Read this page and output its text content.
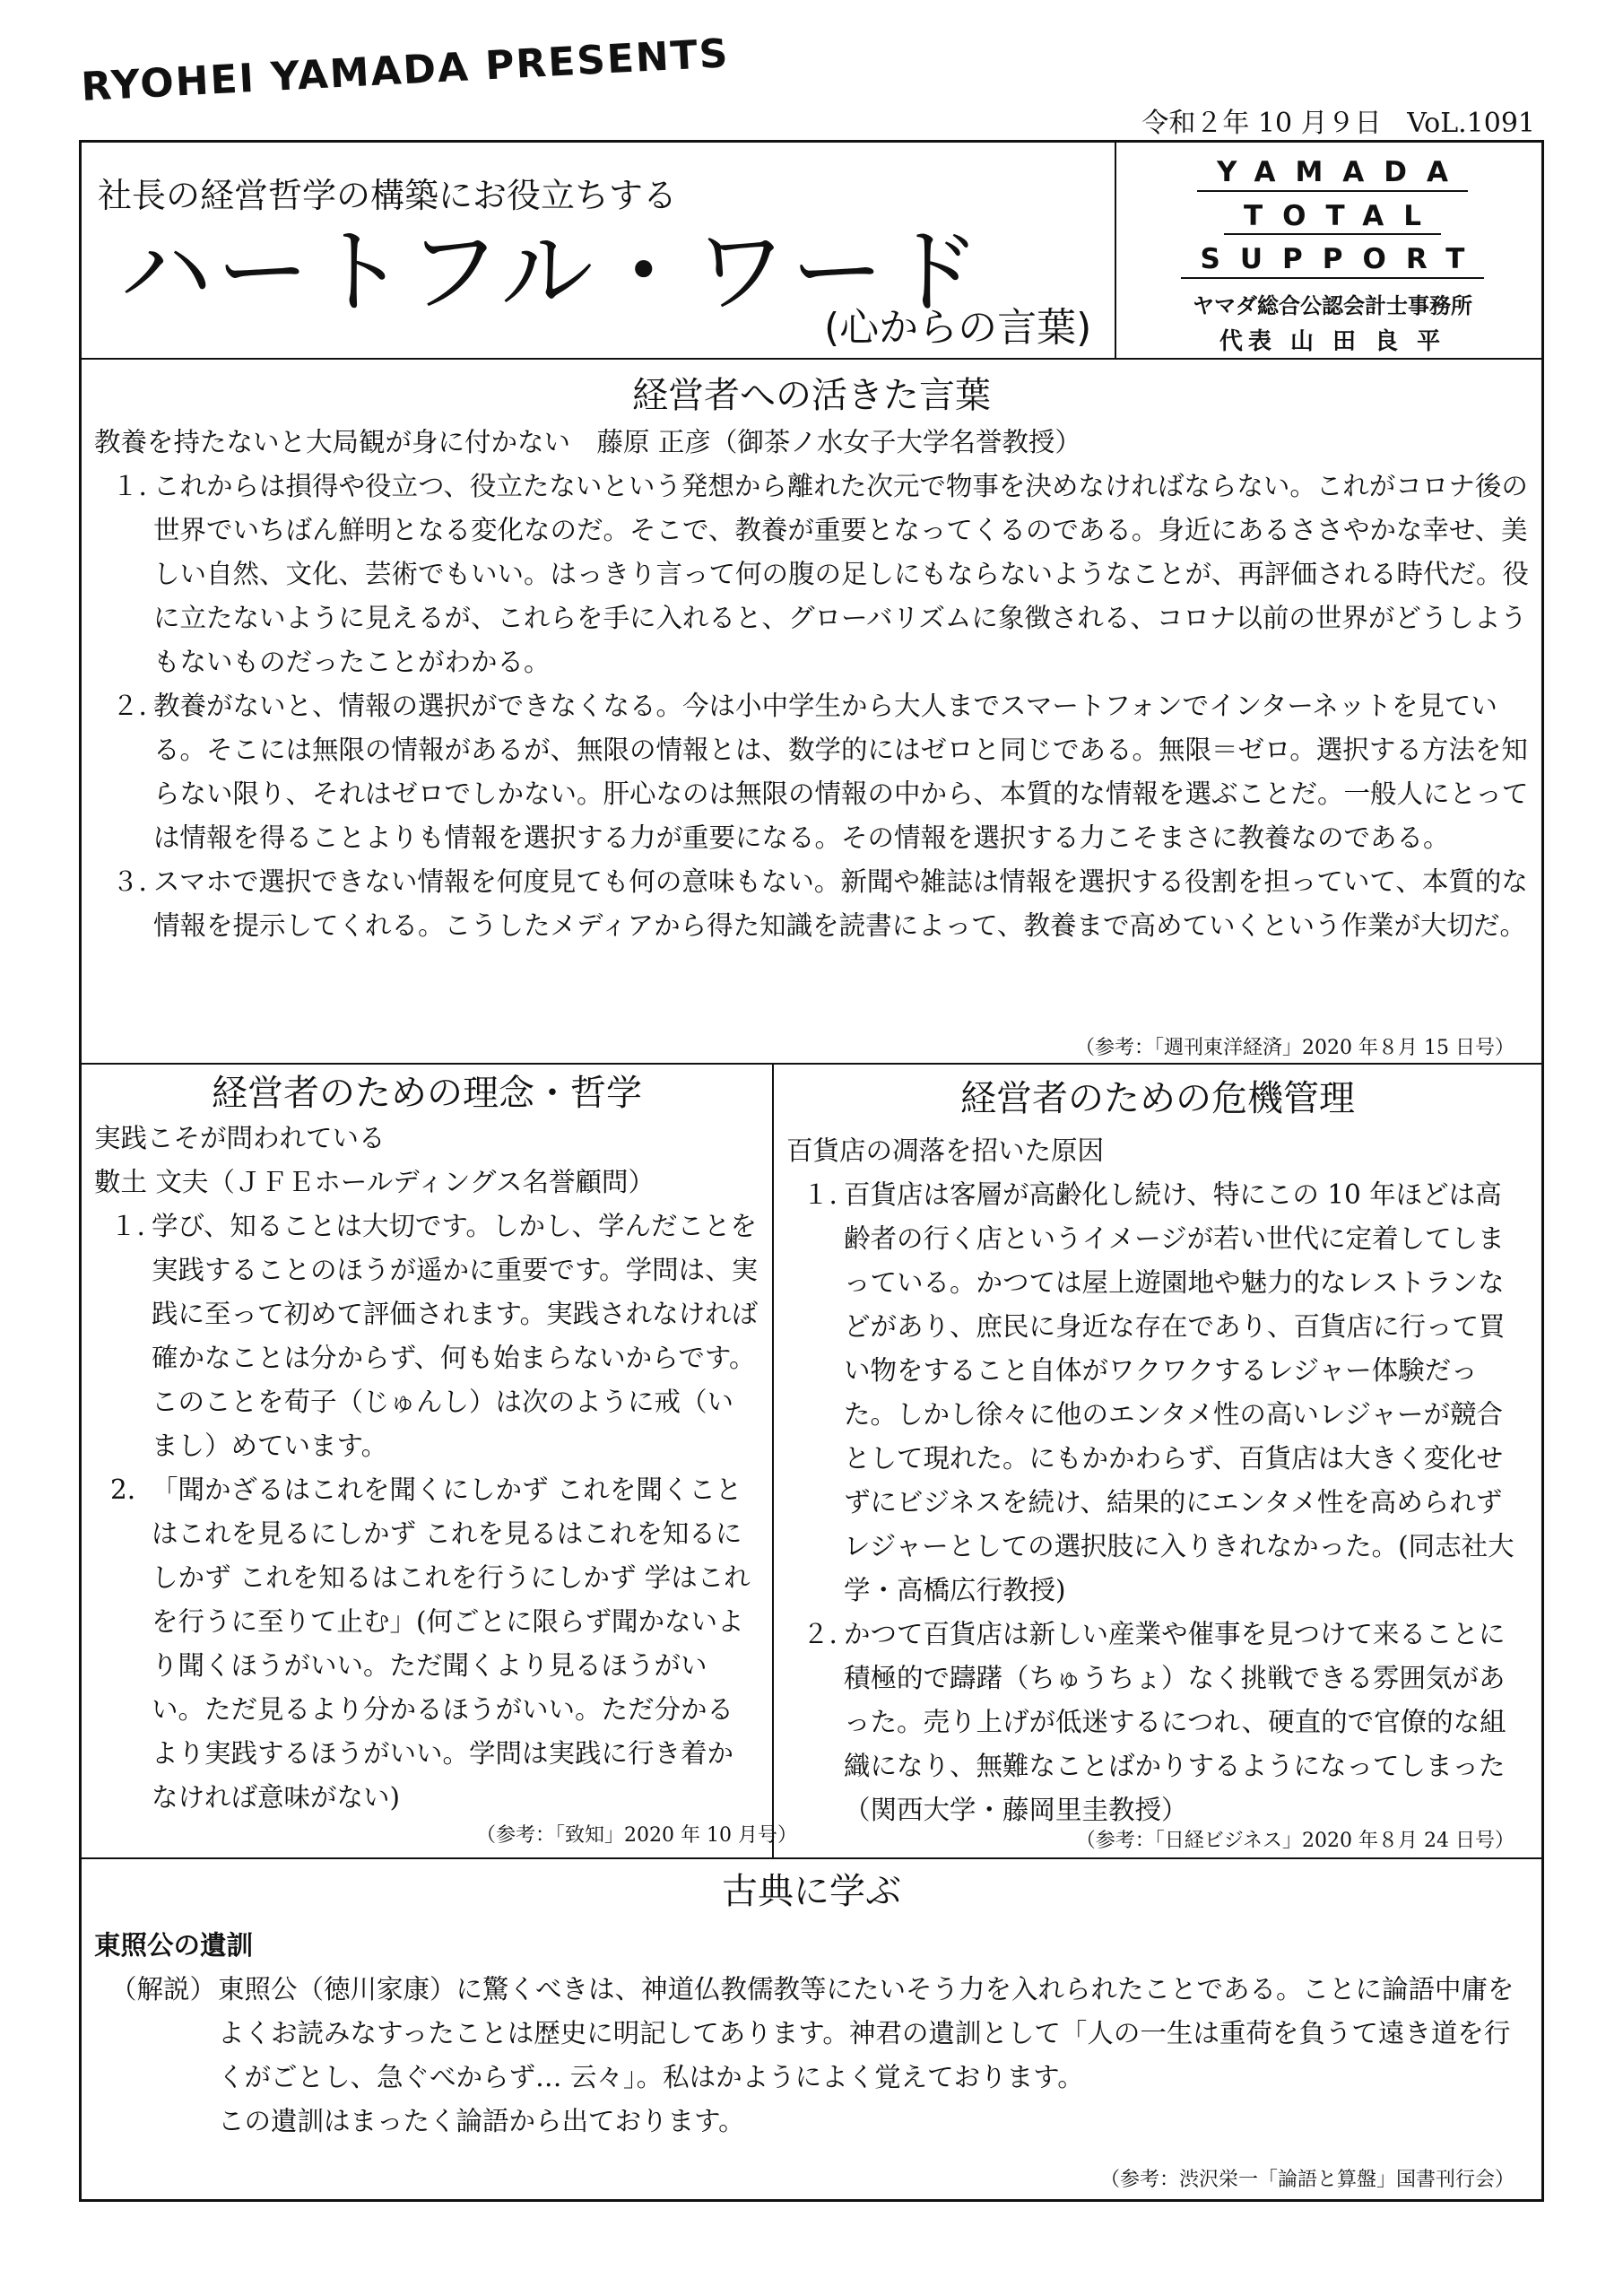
RYOHEI YAMADA PRESENTS
令和２年 10 月９日 VoL.1091
社長の経営哲学の構築にお役立ちする
ハートフル・ワード
(心からの言葉)
YAMADA
TOTAL
SUPPORT
ヤマダ総合公認会計士事務所
代表 山 田 良 平
経営者への活きた言葉
教養を持たないと大局観が身に付かない　藤原 正彦（御茶ノ水女子大学名誉教授）
１. これからは損得や役立つ、役立たないという発想から離れた次元で物事を決めなければならない。これがコロナ後の世界でいちばん鮮明となる変化なのだ。そこで、教養が重要となってくるのである。身近にあるささやかな幸せ、美しい自然、文化、芸術でもいい。はっきり言って何の腹の足しにもならないようなことが、再評価される時代だ。役に立たないように見えるが、これらを手に入れると、グローバリズムに象徴される、コロナ以前の世界がどうしようもないものだったことがわかる。
２. 教養がないと、情報の選択ができなくなる。今は小中学生から大人までスマートフォンでインターネットを見ている。そこには無限の情報があるが、無限の情報とは、数学的にはゼロと同じである。無限＝ゼロ。選択する方法を知らない限り、それはゼロでしかない。肝心なのは無限の情報の中から、本質的な情報を選ぶことだ。一般人にとっては情報を得ることよりも情報を選択する力が重要になる。その情報を選択する力こそまさに教養なのである。
３. スマホで選択できない情報を何度見ても何の意味もない。新聞や雑誌は情報を選択する役割を担っていて、本質的な情報を提示してくれる。こうしたメディアから得た知識を読書によって、教養まで高めていくという作業が大切だ。
（参考：「週刊東洋経済」2020 年８月 15 日号）
経営者のための理念・哲学
実践こそが問われている
數土 文夫（ＪＦＥホールディングス名誉顧問）
１. 学び、知ることは大切です。しかし、学んだことを実践することのほうが遥かに重要です。学問は、実践に至って初めて評価されます。実践されなければ確かなことは分からず、何も始まらないからです。このことを荀子（じゅんし）は次のように戒（いまし）めています。
2. 「聞かざるはこれを聞くにしかず これを聞くことはこれを見るにしかず これを見るはこれを知るにしかず これを知るはこれを行うにしかず 学はこれを行うに至りて止む」(何ごとに限らず聞かないより聞くほうがいい。ただ聞くより見るほうがいい。ただ見るより分かるほうがいい。ただ分かるより実践するほうがいい。学問は実践に行き着かなければ意味がない)
（参考：「致知」2020 年 10 月号）
経営者のための危機管理
百貨店の凋落を招いた原因
１. 百貨店は客層が高齢化し続け、特にこの 10 年ほどは高齢者の行く店というイメージが若い世代に定着してしまっている。かつては屋上遊園地や魅力的なレストランなどがあり、庶民に身近な存在であり、百貨店に行って買い物をすること自体がワクワクするレジャー体験だった。しかし徐々に他のエンタメ性の高いレジャーが競合として現れた。にもかかわらず、百貨店は大きく変化せずにビジネスを続け、結果的にエンタメ性を高められずレジャーとしての選択肢に入りきれなかった。(同志社大学・高橋広行教授)
２. かつて百貨店は新しい産業や催事を見つけて来ることに積極的で躊躇（ちゅうちょ）なく挑戦できる雰囲気があった。売り上げが低迷するにつれ、硬直的で官僚的な組織になり、無難なことばかりするようになってしまった（関西大学・藤岡里圭教授）
（参考：「日経ビジネス」2020 年８月 24 日号）
古典に学ぶ
東照公の遺訓
（解説） 東照公（徳川家康）に驚くべきは、神道仏教儒教等にたいそう力を入れられたことである。ことに論語中庸をよくお読みなすったことは歴史に明記してあります。神君の遺訓として「人の一生は重荷を負うて遠き道を行くがごとし、急ぐべからず… 云々」。私はかようによく覚えております。
この遺訓はまったく論語から出ております。
（参考：渋沢栄一「論語と算盤」国書刊行会）
